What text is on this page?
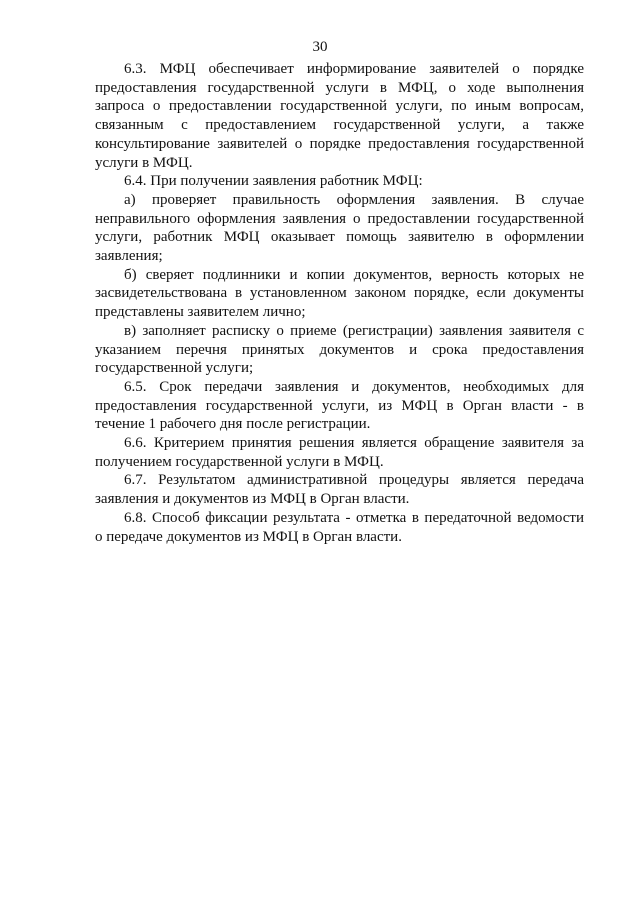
30
6.3. МФЦ обеспечивает информирование заявителей о порядке
предоставления государственной услуги в МФЦ, о ходе выполнения
запроса о предоставлении государственной услуги, по иным вопросам,
связанным с предоставлением государственной услуги, а также
консультирование заявителей о порядке предоставления государственной
услуги в МФЦ.
6.4. При получении заявления работник МФЦ:
а) проверяет правильность оформления заявления. В случае
неправильного оформления заявления о предоставлении государственной
услуги, работник МФЦ оказывает помощь заявителю в оформлении
заявления;
б) сверяет подлинники и копии документов, верность которых не
засвидетельствована в установленном законом порядке, если документы
представлены заявителем лично;
в) заполняет расписку о приеме (регистрации) заявления заявителя с
указанием перечня принятых документов и срока предоставления
государственной услуги;
6.5. Срок передачи заявления и документов, необходимых для
предоставления государственной услуги, из МФЦ в Орган власти - в
течение 1 рабочего дня после регистрации.
6.6. Критерием принятия решения является обращение заявителя за
получением государственной услуги в МФЦ.
6.7. Результатом административной процедуры является передача
заявления и документов из МФЦ в Орган власти.
6.8. Способ фиксации результата - отметка в передаточной ведомости
о передаче документов из МФЦ в Орган власти.
